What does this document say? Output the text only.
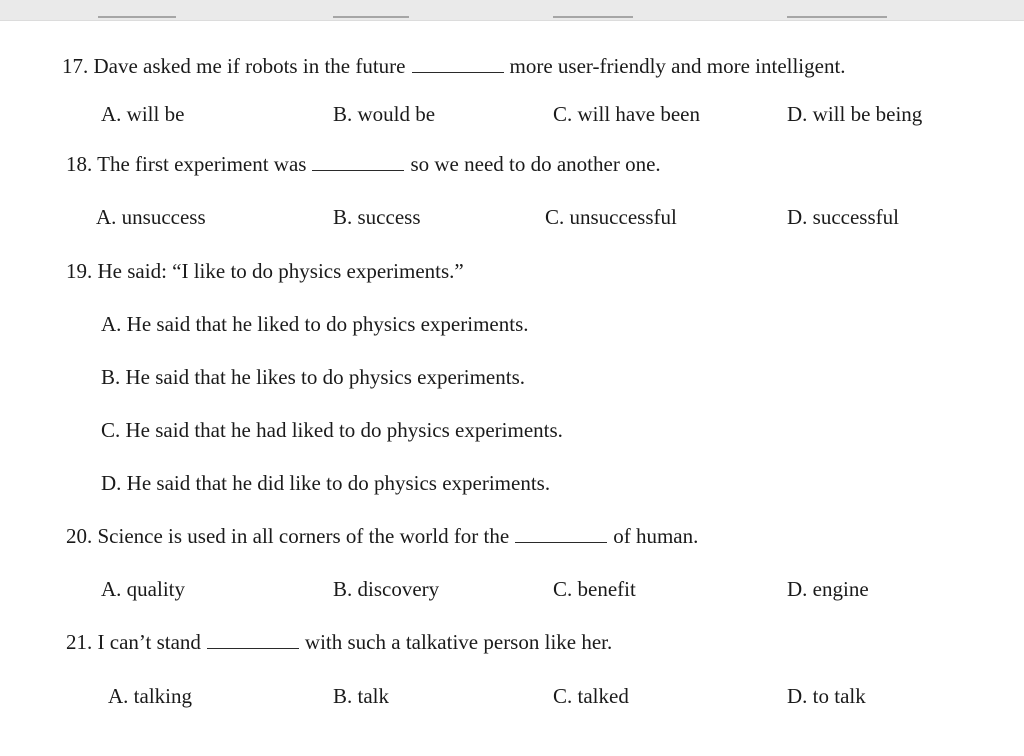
17. Dave asked me if robots in the future	more user-friendly and more intelligent.
A. will be	B. would be	C. will have been	D. will be being
18. The first experiment was	so we need to do another one.
A. unsuccess	B. success	C. unsuccessful	D. successful
19. He said: “I like to do physics experiments.”
A. He said that he liked to do physics experiments.
B. He said that he likes to do physics experiments.
C. He said that he had liked to do physics experiments.
D. He said that he did like to do physics experiments.
20. Science is used in all corners of the world for the	of human.
A. quality	B. discovery	C. benefit	D. engine
21. I can’t stand	with such a talkative person like her.
A. talking	B. talk	C. talked	D. to talk
